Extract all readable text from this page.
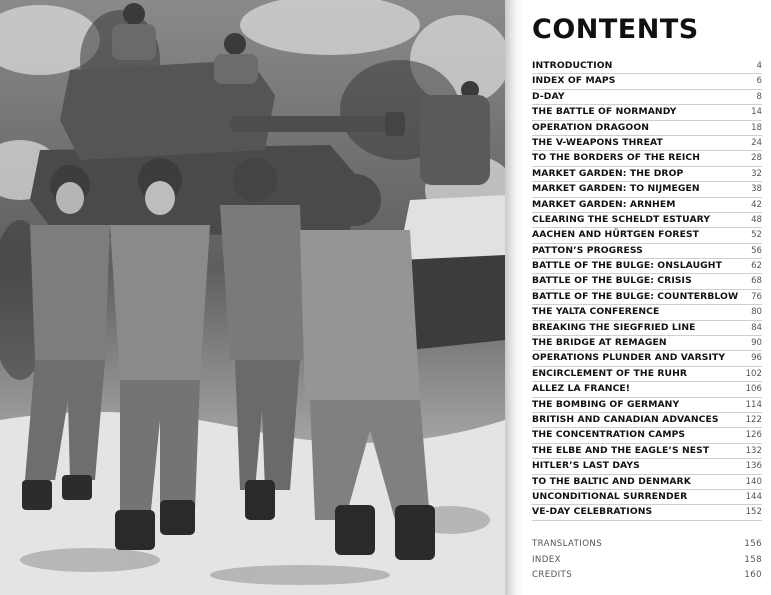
CONTENTS
INTRODUCTION	4
INDEX OF MAPS	6
D-DAY	8
THE BATTLE OF NORMANDY	14
OPERATION DRAGOON	18
THE V-WEAPONS THREAT	24
TO THE BORDERS OF THE REICH	28
MARKET GARDEN: THE DROP	32
MARKET GARDEN: TO NIJMEGEN	38
MARKET GARDEN: ARNHEM	42
CLEARING THE SCHELDT ESTUARY	48
AACHEN AND HÜRTGEN FOREST	52
PATTON’S PROGRESS	56
BATTLE OF THE BULGE: ONSLAUGHT	62
BATTLE OF THE BULGE: CRISIS	68
BATTLE OF THE BULGE: COUNTERBLOW 76
THE YALTA CONFERENCE	80
BREAKING THE SIEGFRIED LINE	84
THE BRIDGE AT REMAGEN	90
OPERATIONS PLUNDER AND VARSITY	96
ENCIRCLEMENT OF THE RUHR	102
ALLEZ LA FRANCE!	106
THE BOMBING OF GERMANY	114
BRITISH AND CANADIAN ADVANCES	122
THE CONCENTRATION CAMPS	126
THE ELBE AND THE EAGLE’S NEST	132
HITLER’S LAST DAYS	136
TO THE BALTIC AND DENMARK	140
UNCONDITIONAL SURRENDER	144
VE-DAY CELEBRATIONS	152
TRANSLATIONS	156
INDEX	158
CREDITS	160
